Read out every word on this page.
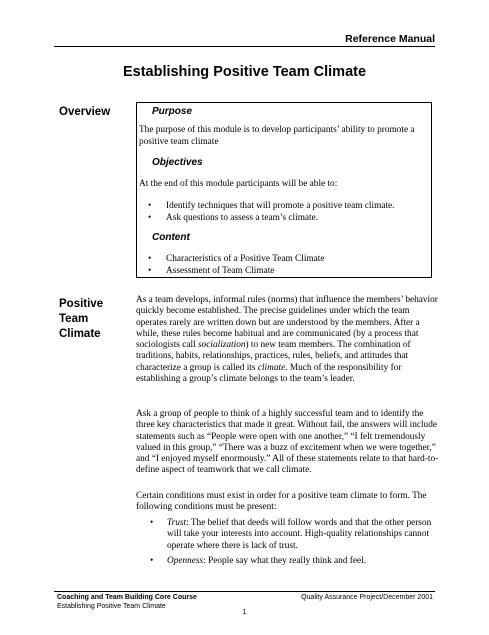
Reference Manual
Establishing Positive Team Climate
Overview	Purpose
The purpose of this module is to develop participants’ ability to promote a positive team climate
Objectives
At the end of this module participants will be able to:
• Identify techniques that will promote a positive team climate.
• Ask questions to assess a team’s climate.
Content
• Characteristics of a Positive Team Climate
• Assessment of Team Climate
Positive
Team
Climate

As a team develops, informal rules (norms) that influence the members’ behavior quickly become established. The precise guidelines under which the team operates rarely are written down but are understood by the members. After a while, these rules become habitual and are communicated (by a process that sociologists call socialization) to new team members. The combination of traditions, habits, relationships, practices, rules, beliefs, and attitudes that characterize a group is called its climate. Much of the responsibility for establishing a group’s climate belongs to the team’s leader.

Ask a group of people to think of a highly successful team and to identify the three key characteristics that made it great. Without fail, the answers will include statements such as “People were open with one another,” “I felt tremendously valued in this group,” “There was a buzz of excitement when we were together,” and “I enjoyed myself enormously.” All of these statements relate to that hard-to-define aspect of teamwork that we call climate.

Certain conditions must exist in order for a positive team climate to form. The following conditions must be present:

• Trust: The belief that deeds will follow words and that the other person will take your interests into account. High-quality relationships cannot operate where there is lack of trust.
• Openness: People say what they really think and feel.
Coaching and Team Building Core Course
Establishing Positive Team Climate
Quality Assurance Project/December 2001
1
